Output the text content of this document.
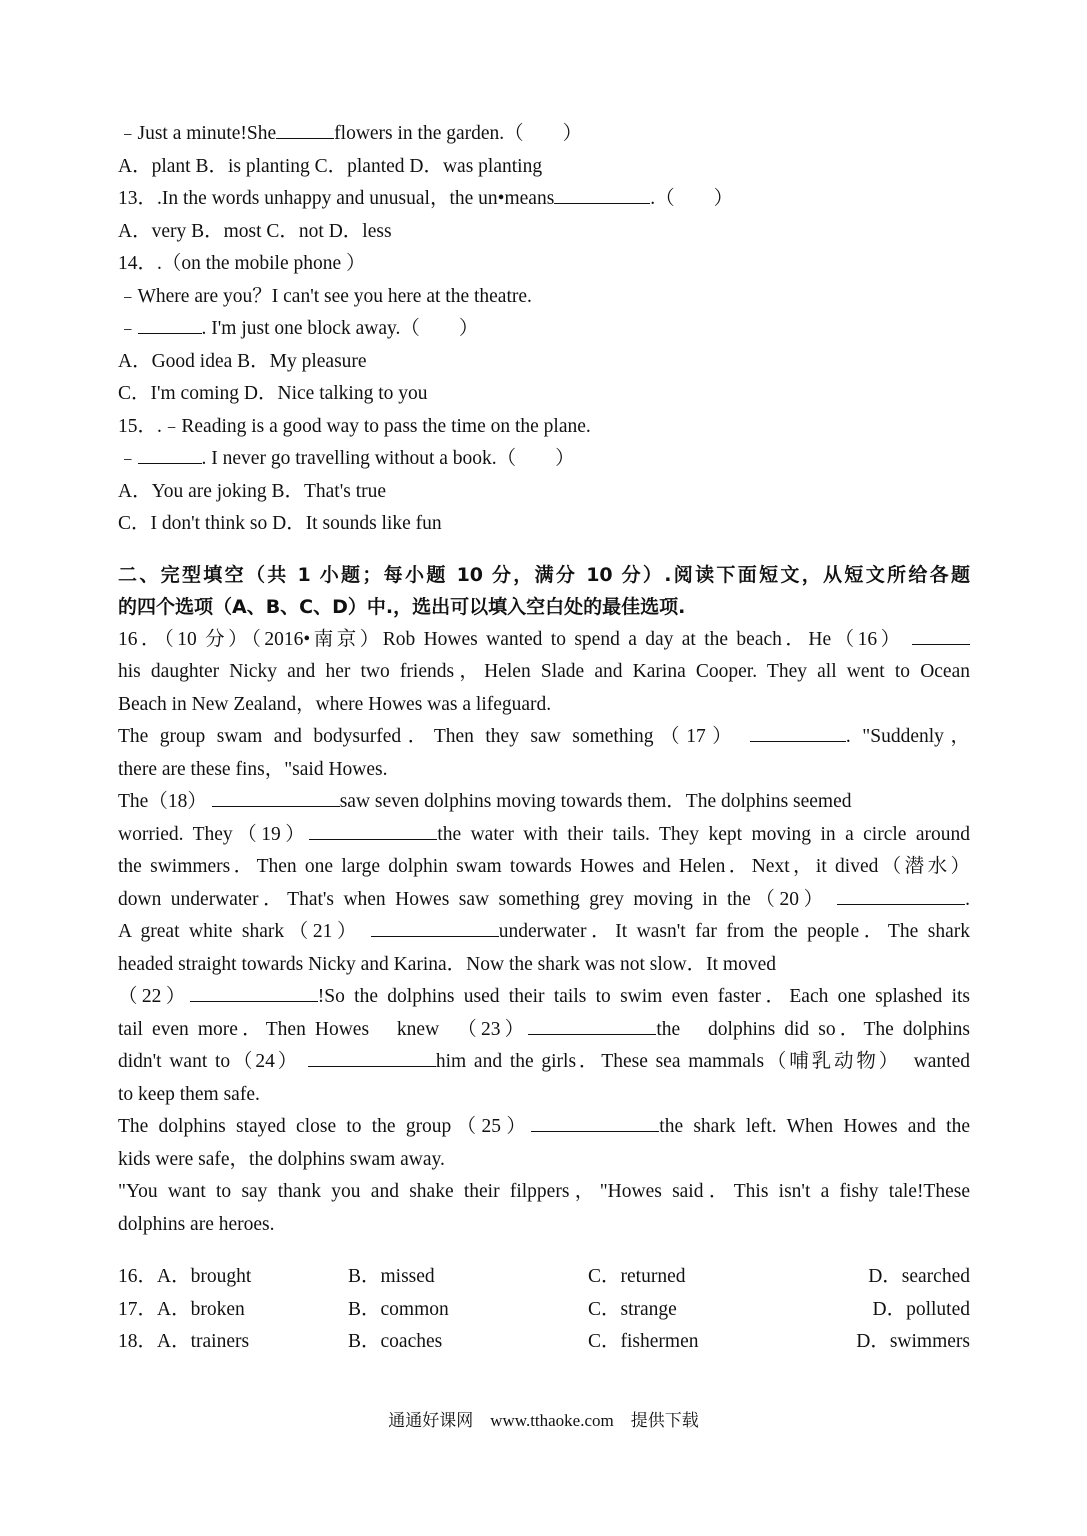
﹣Just a minute!She	flowers in the garden.（　　）
A．plant B．is planting C．planted D．was planting
13．.In the words unhappy and unusual，the un•means	.（　　）
A．very B．most C．not D．less
14．.（on the mobile phone ）
﹣Where are you？I can't see you here at the theatre.
﹣	. I'm just one block away.（　　）
A．Good idea B．My pleasure
C．I'm coming D．Nice talking to you
15．.﹣Reading is a good way to pass the time on the plane.
﹣	. I never go travelling without a book.（　　）
A．You are joking B．That's true
C．I don't think so D．It sounds like fun
二、完型填空（共 1 小题；每小题 10 分，满分 10 分）.阅读下面短文，从短文所给各题
的四个选项（A、B、C、D）中.，选出可以填入空白处的最佳选项.
16．（10 分）（2016•南京）Rob Howes wanted to spend a day at the beach．He（16）
his daughter Nicky and her two friends，Helen Slade and Karina Cooper. They all went to Ocean
Beach in New Zealand，where Howes was a lifeguard.
The group swam and bodysurfed．Then they saw something（17）	. "Suddenly，
there are these fins，"said Howes.
The（18）	saw seven dolphins moving towards them．The dolphins seemed
worried. They（19）	the water with their tails. They kept moving in a circle around
the swimmers．Then one large dolphin swam towards Howes and Helen．Next，it dived（潜水）
down underwater．That's when Howes saw something grey moving in the（20）	.
A great white shark（21）	underwater．It wasn't far from the people．The shark
headed straight towards Nicky and Karina．Now the shark was not slow．It moved
（22）	!So the dolphins used their tails to swim even faster．Each one splashed its
tail even more．Then Howes　knew　（23）	the　dolphins did so．The dolphins
didn't want to（24）	him and the girls．These sea mammals（哺乳动物）　wanted
to keep them safe.
The dolphins stayed close to the group（25）	the shark left. When Howes and the
kids were safe，the dolphins swam away.
"You want to say thank you and shake their filppers，"Howes said．This isn't a fishy tale!These
dolphins are heroes.
16．A．brought	B．missed	C．returned	D．searched
17．A．broken	B．common	C．strange	D．polluted
18．A．trainers	B．coaches	C．fishermen	D．swimmers
通通好课网　www.tthaoke.com　提供下载
